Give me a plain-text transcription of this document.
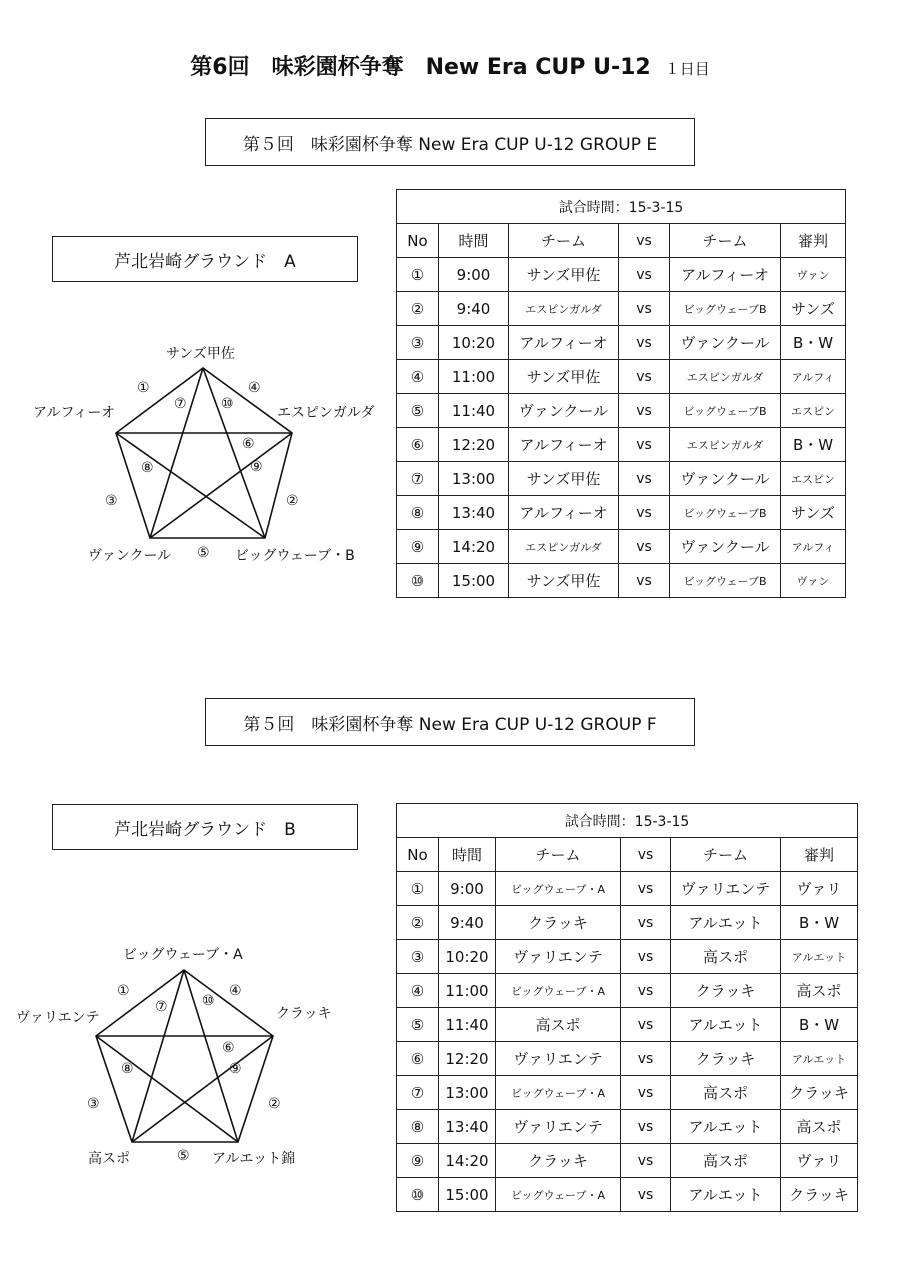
第6回　味彩園杯争奪　New Era CUP U-12 １日目
第５回　味彩園杯争奪 New Era CUP U-12 GROUP E
芦北岩崎グラウンド　A
サンズ甲佐
エスピンガルダ
アルフィーオ
ヴァンクール	ビッグウェーブ・B
①
②
③
④
⑤
⑥
⑦
⑧	⑨
⑩
試合時間：15-3-15					
No	時間	チーム	vs	チーム	審判
①	9:00	サンズ甲佐	vs	アルフィーオ	ヴァン
②	9:40	エスピンガルダ	vs	ビッグウェーブB	サンズ
③	10:20	アルフィーオ	vs	ヴァンクール	B・W
④	11:00	サンズ甲佐	vs	エスピンガルダ	アルフィ
⑤	11:40	ヴァンクール	vs	ビッグウェーブB	エスピン
⑥	12:20	アルフィーオ	vs	エスピンガルダ	B・W
⑦	13:00	サンズ甲佐	vs	ヴァンクール	エスピン
⑧	13:40	アルフィーオ	vs	ビッグウェーブB	サンズ
⑨	14:20	エスピンガルダ	vs	ヴァンクール	アルフィ
⑩	15:00	サンズ甲佐	vs	ビッグウェーブB	ヴァン
第５回　味彩園杯争奪 New Era CUP U-12 GROUP F
芦北岩崎グラウンド　B
ビッグウェーブ・A
クラッキ
ヴァリエンテ
高スポ	アルエット錦
①
②
③
④
⑤
⑥
⑦
⑧	⑨
⑩
試合時間：15-3-15					
No	時間	チーム	vs	チーム	審判
①	9:00	ビッグウェーブ・A	vs	ヴァリエンテ	ヴァリ
②	9:40	クラッキ	vs	アルエット	B・W
③	10:20	ヴァリエンテ	vs	高スポ	アルエット
④	11:00	ビッグウェーブ・A	vs	クラッキ	高スポ
⑤	11:40	高スポ	vs	アルエット	B・W
⑥	12:20	ヴァリエンテ	vs	クラッキ	アルエット
⑦	13:00	ビッグウェーブ・A	vs	高スポ	クラッキ
⑧	13:40	ヴァリエンテ	vs	アルエット	高スポ
⑨	14:20	クラッキ	vs	高スポ	ヴァリ
⑩	15:00	ビッグウェーブ・A	vs	アルエット	クラッキ
